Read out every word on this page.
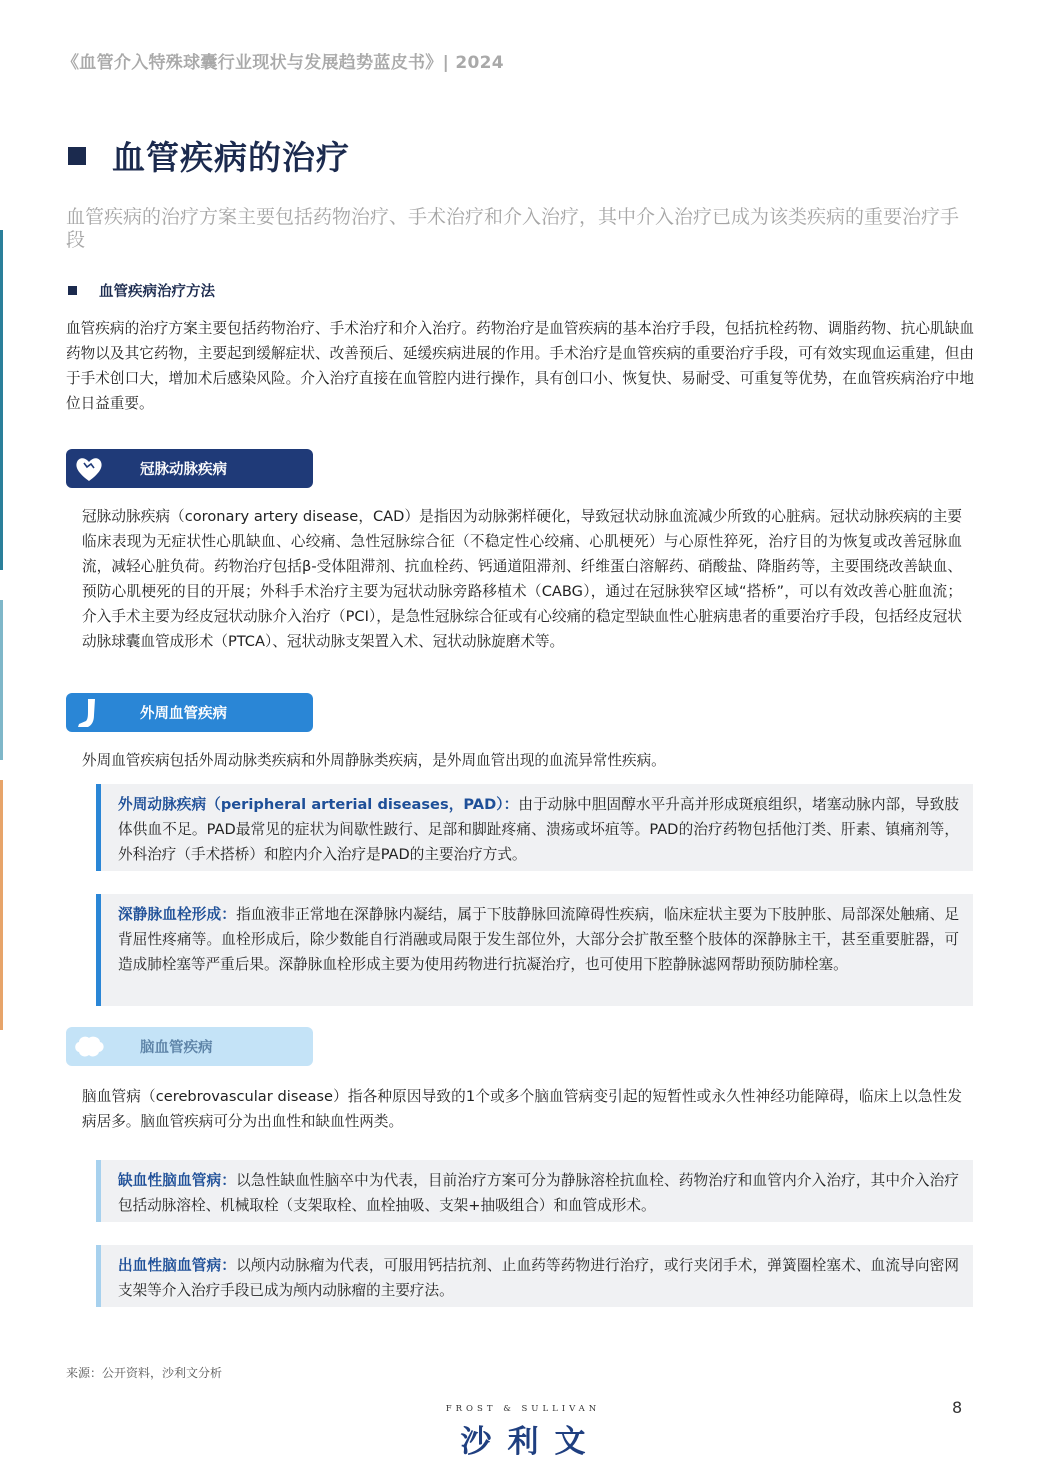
《血管介入特殊球囊行业现状与发展趋势蓝皮书》| 2024
血管疾病的治疗
血管疾病的治疗方案主要包括药物治疗、手术治疗和介入治疗，其中介入治疗已成为该类疾病的重要治疗手段
血管疾病治疗方法
血管疾病的治疗方案主要包括药物治疗、手术治疗和介入治疗。药物治疗是血管疾病的基本治疗手段，包括抗栓药物、调脂药物、抗心肌缺血药物以及其它药物，主要起到缓解症状、改善预后、延缓疾病进展的作用。手术治疗是血管疾病的重要治疗手段，可有效实现血运重建，但由于手术创口大，增加术后感染风险。介入治疗直接在血管腔内进行操作，具有创口小、恢复快、易耐受、可重复等优势，在血管疾病治疗中地位日益重要。
冠脉动脉疾病
冠脉动脉疾病（coronary artery disease，CAD）是指因为动脉粥样硬化，导致冠状动脉血流减少所致的心脏病。冠状动脉疾病的主要临床表现为无症状性心肌缺血、心绞痛、急性冠脉综合征（不稳定性心绞痛、心肌梗死）与心原性猝死，治疗目的为恢复或改善冠脉血流，减轻心脏负荷。药物治疗包括β-受体阻滞剂、抗血栓药、钙通道阻滞剂、纤维蛋白溶解药、硝酸盐、降脂药等，主要围绕改善缺血、预防心肌梗死的目的开展；外科手术治疗主要为冠状动脉旁路移植术（CABG），通过在冠脉狭窄区域“搭桥”，可以有效改善心脏血流；介入手术主要为经皮冠状动脉介入治疗（PCI），是急性冠脉综合征或有心绞痛的稳定型缺血性心脏病患者的重要治疗手段，包括经皮冠状动脉球囊血管成形术（PTCA）、冠状动脉支架置入术、冠状动脉旋磨术等。
外周血管疾病
外周血管疾病包括外周动脉类疾病和外周静脉类疾病，是外周血管出现的血流异常性疾病。
外周动脉疾病（peripheral arterial diseases，PAD）：由于动脉中胆固醇水平升高并形成斑痕组织，堵塞动脉内部，导致肢体供血不足。PAD最常见的症状为间歇性跛行、足部和脚趾疼痛、溃疡或坏疽等。PAD的治疗药物包括他汀类、肝素、镇痛剂等，外科治疗（手术搭桥）和腔内介入治疗是PAD的主要治疗方式。
深静脉血栓形成：指血液非正常地在深静脉内凝结，属于下肢静脉回流障碍性疾病，临床症状主要为下肢肿胀、局部深处触痛、足背屈性疼痛等。血栓形成后，除少数能自行消融或局限于发生部位外，大部分会扩散至整个肢体的深静脉主干，甚至重要脏器，可造成肺栓塞等严重后果。深静脉血栓形成主要为使用药物进行抗凝治疗，也可使用下腔静脉滤网帮助预防肺栓塞。
脑血管疾病
脑血管病（cerebrovascular disease）指各种原因导致的1个或多个脑血管病变引起的短暂性或永久性神经功能障碍，临床上以急性发病居多。脑血管疾病可分为出血性和缺血性两类。
缺血性脑血管病：以急性缺血性脑卒中为代表，目前治疗方案可分为静脉溶栓抗血栓、药物治疗和血管内介入治疗，其中介入治疗包括动脉溶栓、机械取栓（支架取栓、血栓抽吸、支架+抽吸组合）和血管成形术。
出血性脑血管病：以颅内动脉瘤为代表，可服用钙拮抗剂、止血药等药物进行治疗，或行夹闭手术，弹簧圈栓塞术、血流导向密网支架等介入治疗手段已成为颅内动脉瘤的主要疗法。
来源：公开资料，沙利文分析
8
FROST & SULLIVAN
沙利文
